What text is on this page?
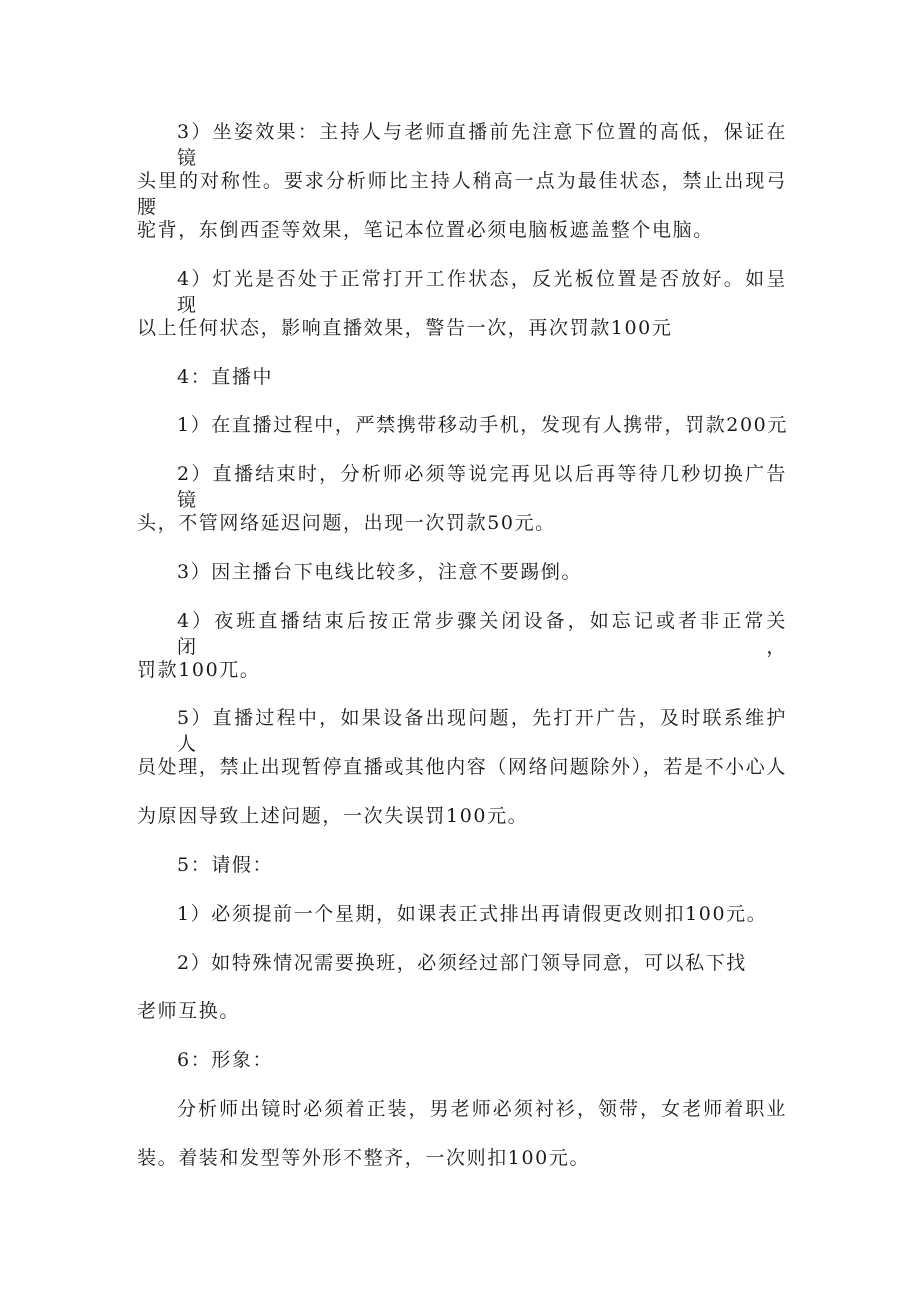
3）坐姿效果：主持人与老师直播前先注意下位置的高低，保证在镜
头里的对称性。要求分析师比主持人稍高一点为最佳状态，禁止出现弓腰
驼背，东倒西歪等效果，笔记本位置必须电脑板遮盖整个电脑。
4）灯光是否处于正常打开工作状态，反光板位置是否放好。如呈现
以上任何状态，影响直播效果，警告一次，再次罚款100元
4：直播中
1）在直播过程中，严禁携带移动手机，发现有人携带，罚款200元
2）直播结束时，分析师必须等说完再见以后再等待几秒切换广告镜
头，不管网络延迟问题，出现一次罚款50元。
3）因主播台下电线比较多，注意不要踢倒。
4）夜班直播结束后按正常步骤关闭设备，如忘记或者非正常关闭，
罚款100兀。
5）直播过程中，如果设备出现问题，先打开广告，及时联系维护人
员处理，禁止出现暂停直播或其他内容（网络问题除外），若是不小心人
为原因导致上述问题，一次失误罚100元。
5：请假：
1）必须提前一个星期，如课表正式排出再请假更改则扣100元。
2）如特殊情况需要换班，必须经过部门领导同意，可以私下找
老师互换。
6：形象：
分析师出镜时必须着正装，男老师必须衬衫，领带，女老师着职业
装。着装和发型等外形不整齐，一次则扣100元。
